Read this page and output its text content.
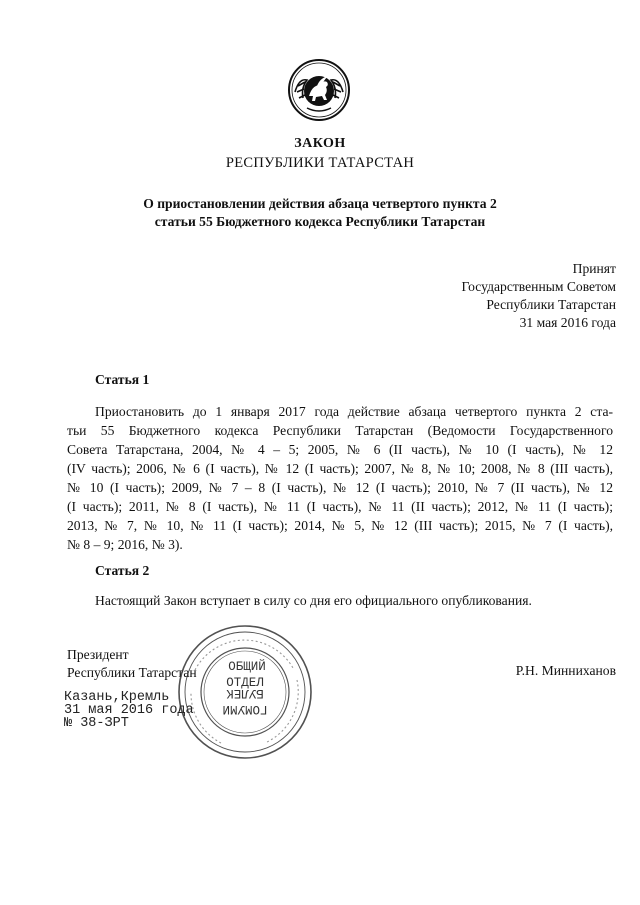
ЗАКОН
РЕСПУБЛИКИ ТАТАРСТАН
О приостановлении действия абзаца четвертого пункта 2
статьи 55 Бюджетного кодекса Республики Татарстан
Принят
Государственным Советом
Республики Татарстан
31 мая 2016 года
Статья 1
Приостановить до 1 января 2017 года действие абзаца четвертого пункта 2 ста-
тьи 55 Бюджетного кодекса Республики Татарстан (Ведомости Государственного
Совета Татарстана, 2004, № 4 – 5; 2005, № 6 (II часть), № 10 (I часть), № 12
(IV часть); 2006, № 6 (I часть), № 12 (I часть); 2007, № 8, № 10; 2008, № 8 (III часть),
№ 10 (I часть); 2009, № 7 – 8 (I часть), № 12 (I часть); 2010, № 7 (II часть), № 12
(I часть); 2011, № 8 (I часть), № 11 (I часть), № 11 (II часть); 2012, № 11 (I часть);
2013, № 7, № 10, № 11 (I часть); 2014, № 5, № 12 (III часть); 2015, № 7 (I часть),
№ 8 – 9; 2016, № 3).
Статья 2
Настоящий Закон вступает в силу со дня его официального опубликования.
Президент
Республики Татарстан	Р.Н. Минниханов
Казань,Кремль
31 мая 2016 года
№ 38-ЗРТ
ОБЩИЙ
ОТДЕЛ
БУЛЕК
ГОМУМИ
